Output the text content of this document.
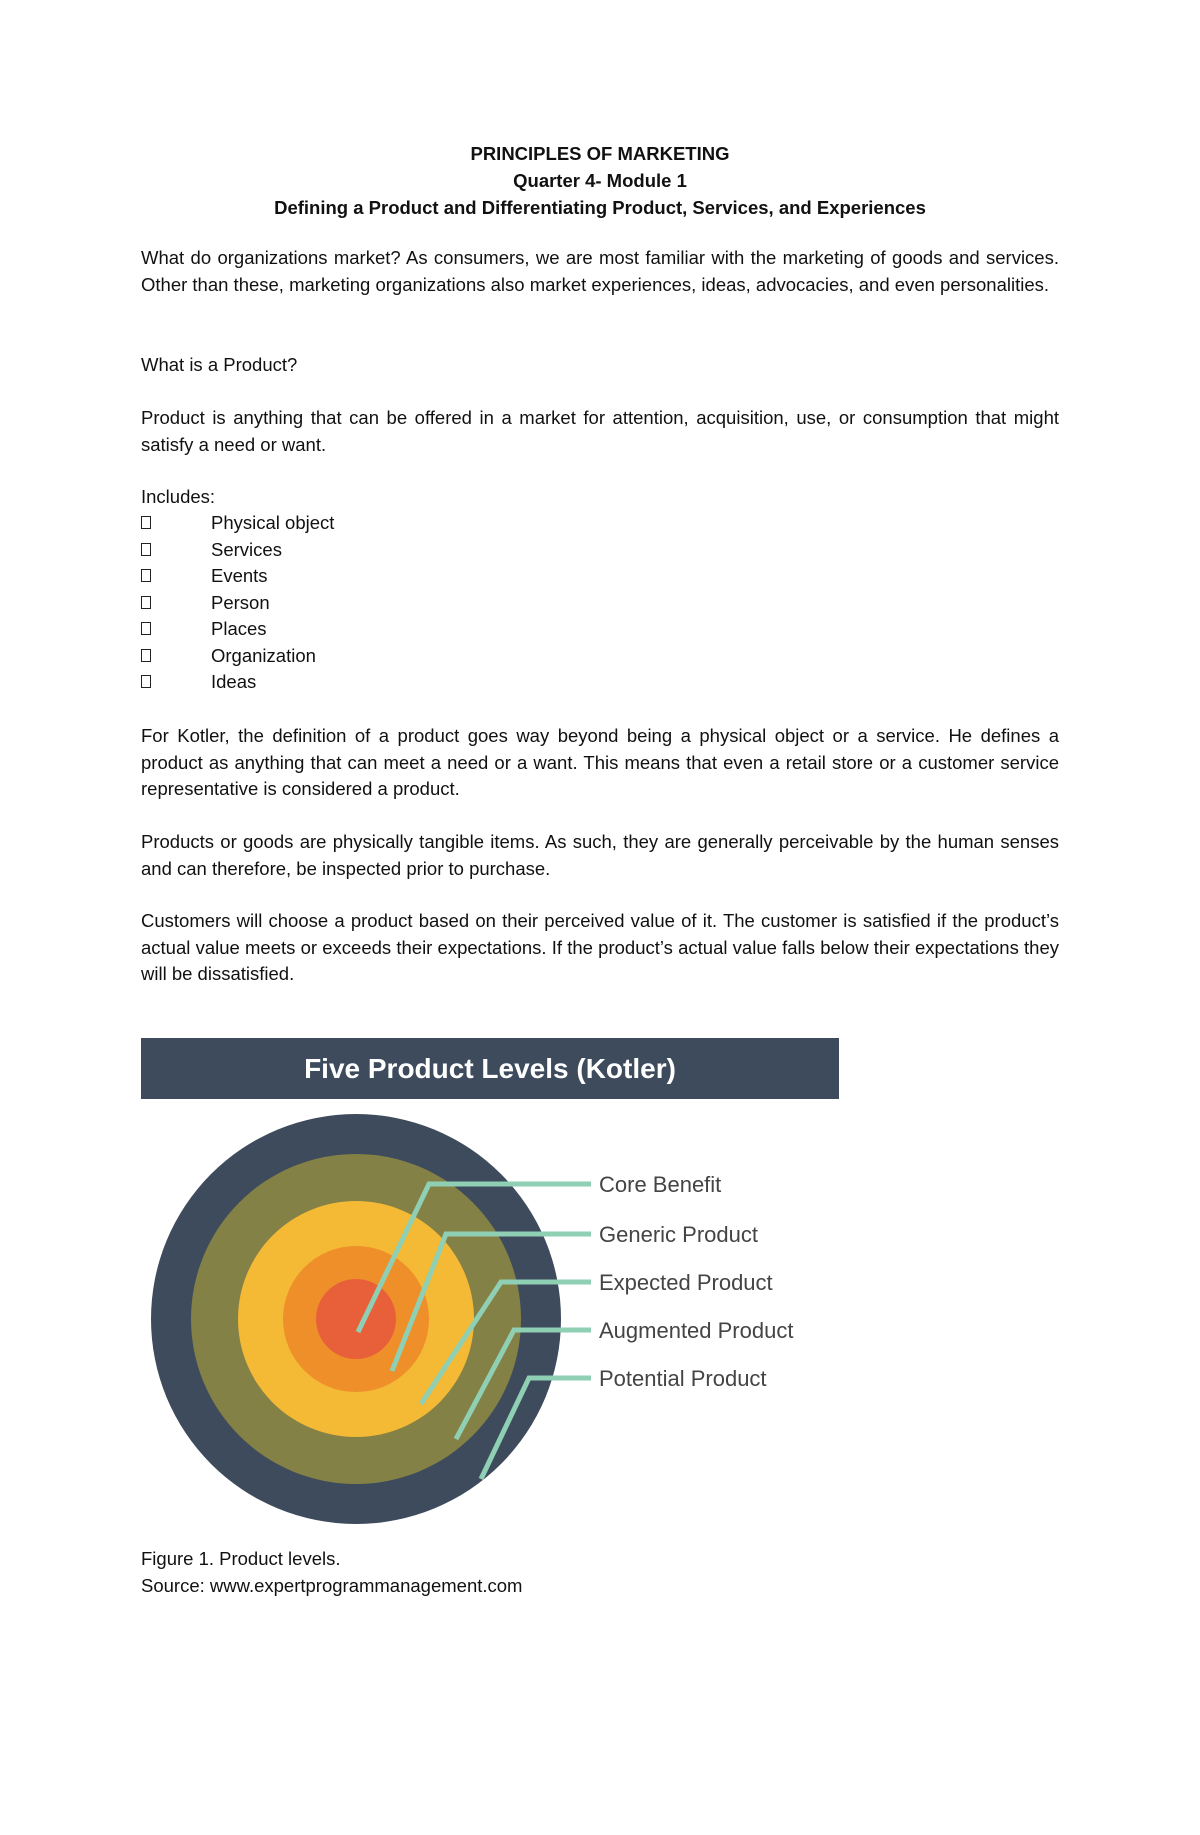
PRINCIPLES OF MARKETING
Quarter 4- Module 1
Defining a Product and Differentiating Product, Services, and Experiences

What do organizations market? As consumers, we are most familiar with the marketing of goods and services. Other than these, marketing organizations also market experiences, ideas, advocacies, and even personalities.

What is a Product?

Product is anything that can be offered in a market for attention, acquisition, use, or consumption that might satisfy a need or want.

Includes:
Physical object
Services
Events
Person
Places
Organization
Ideas

For Kotler, the definition of a product goes way beyond being a physical object or a service. He defines a product as anything that can meet a need or a want. This means that even a retail store or a customer service representative is considered a product.

Products or goods are physically tangible items. As such, they are generally perceivable by the human senses and can therefore, be inspected prior to purchase.

Customers will choose a product based on their perceived value of it. The customer is satisfied if the product’s actual value meets or exceeds their expectations. If the product’s actual value falls below their expectations they will be dissatisfied.

Five Product Levels (Kotler)
Core Benefit
Generic Product
Expected Product
Augmented Product
Potential Product
Figure 1. Product levels.
Source: www.expertprogrammanagement.com
